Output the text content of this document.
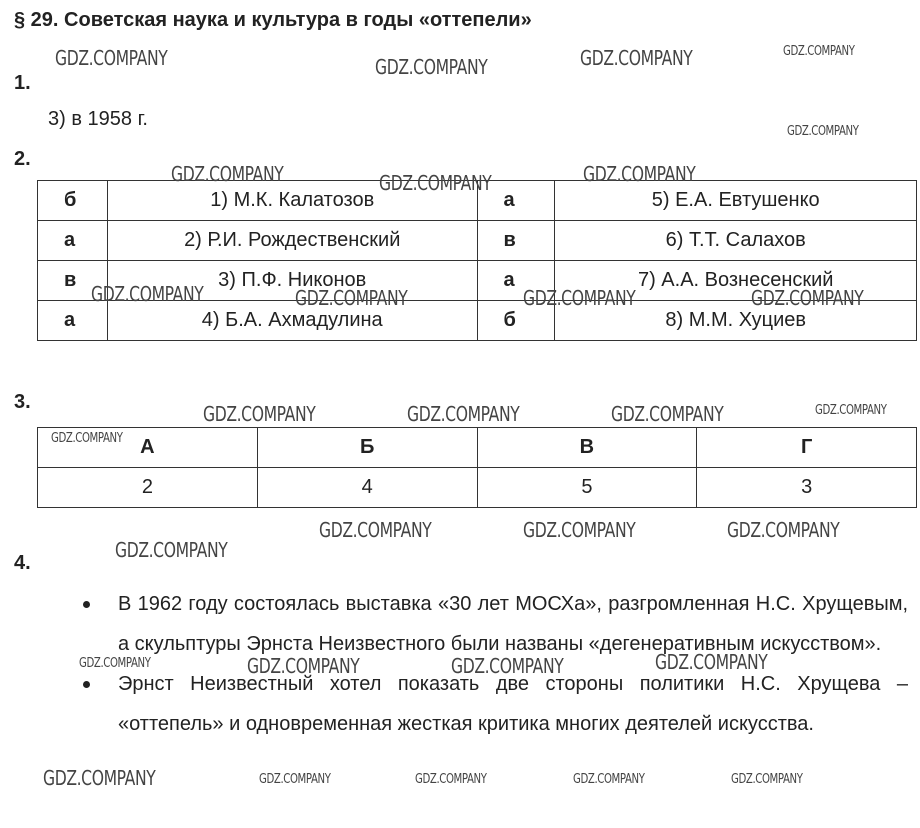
§ 29. Советская наука и культура в годы «оттепели»
1.
3) в 1958 г.
2.
б	1) М.К. Калатозов	а	5) Е.А. Евтушенко
а	2) Р.И. Рождественский	в	6) Т.Т. Салахов
в	3) П.Ф. Никонов	а	7) А.А. Вознесенский
а	4) Б.А. Ахмадулина	б	8) М.М. Хуциев
3.
А	Б	В	Г
2	4	5	3
4.
В 1962 году состоялась выставка «30 лет МОСХа», разгромленная Н.С. Хрущевым, а скульптуры Эрнста Неизвестного были названы «дегенеративным искусством».
Эрнст Неизвестный хотел показать две стороны политики Н.С. Хрущева – «оттепель» и одновременная жесткая критика многих деятелей искусства.
GDZ.COMPANY	GDZ.COMPANY	GDZ.COMPANY	GDZ.COMPANY
GDZ.COMPANY
GDZ.COMPANY	GDZ.COMPANY	GDZ.COMPANY
GDZ.COMPANY	GDZ.COMPANY	GDZ.COMPANY	GDZ.COMPANY
GDZ.COMPANY	GDZ.COMPANY	GDZ.COMPANY	GDZ.COMPANY
GDZ.COMPANY
GDZ.COMPANY	GDZ.COMPANY	GDZ.COMPANY
GDZ.COMPANY
GDZ.COMPANY	GDZ.COMPANY	GDZ.COMPANY	GDZ.COMPANY
GDZ.COMPANY	GDZ.COMPANY	GDZ.COMPANY	GDZ.COMPANY	GDZ.COMPANY
